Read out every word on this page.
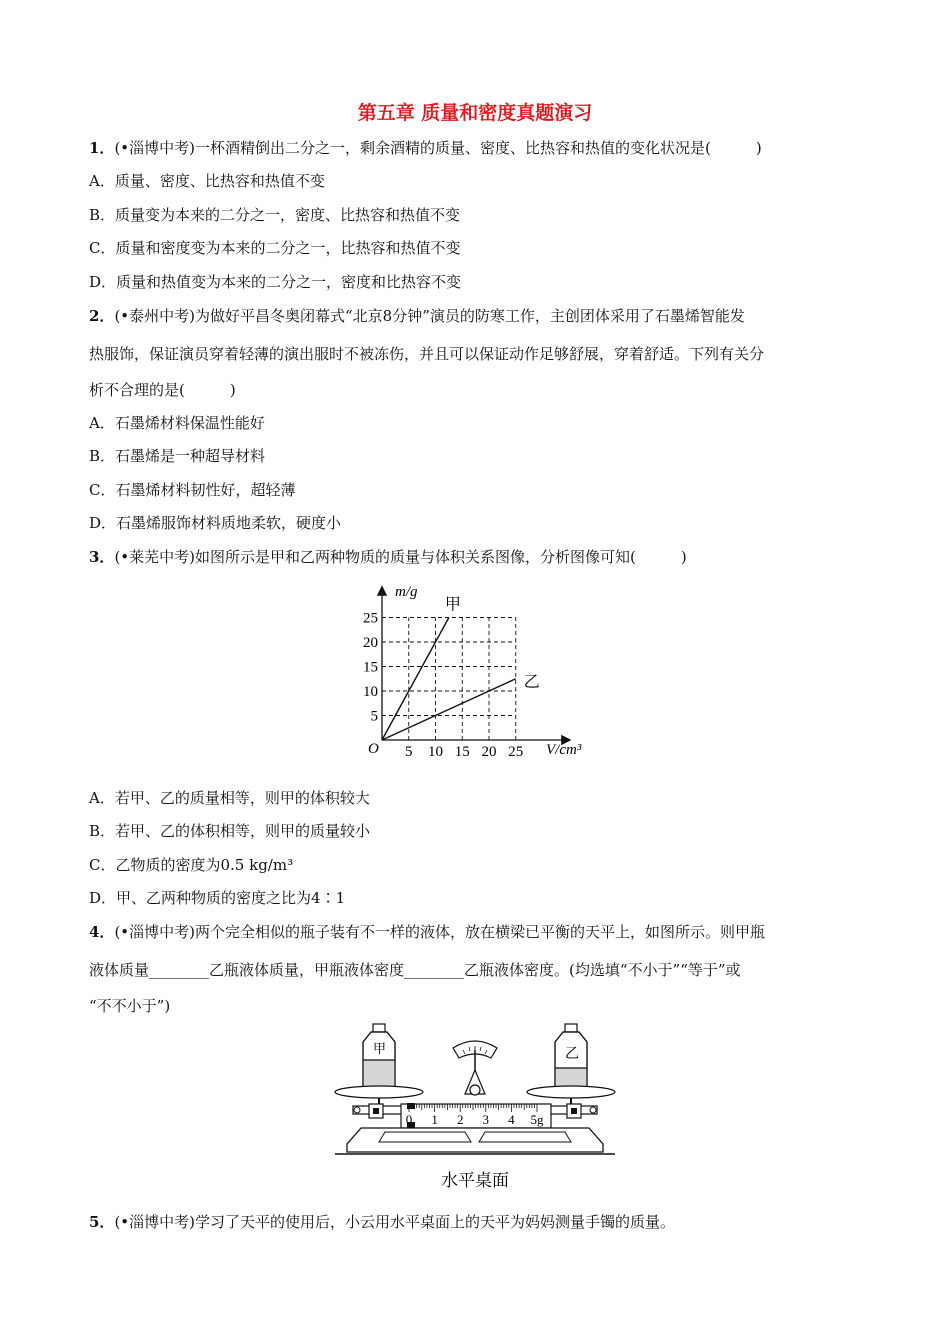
第五章 质量和密度真题演习
1．(•淄博中考)一杯酒精倒出二分之一，剩余酒精的质量、密度、比热容和热值的变化状况是(　　　)
A．质量、密度、比热容和热值不变
B．质量变为本来的二分之一，密度、比热容和热值不变
C．质量和密度变为本来的二分之一，比热容和热值不变
D．质量和热值变为本来的二分之一，密度和比热容不变
2．(•泰州中考)为做好平昌冬奥闭幕式“北京8分钟”演员的防寒工作，主创团体采用了石墨烯智能发
热服饰，保证演员穿着轻薄的演出服时不被冻伤，并且可以保证动作足够舒展，穿着舒适。下列有关分
析不合理的是(　　　)
A．石墨烯材料保温性能好
B．石墨烯是一种超导材料
C．石墨烯材料韧性好，超轻薄
D．石墨烯服饰材料质地柔软，硬度小
3．(•莱芜中考)如图所示是甲和乙两种物质的质量与体积关系图像，分析图像可知(　　　)
5 10 15 20 25
5
10
15
20
25
甲
乙
O
m/g
V/cm³
A．若甲、乙的质量相等，则甲的体积较大
B．若甲、乙的体积相等，则甲的质量较小
C．乙物质的密度为0.5 kg/m³
D．甲、乙两种物质的密度之比为4∶1
4．(•淄博中考)两个完全相似的瓶子装有不一样的液体，放在横梁已平衡的天平上，如图所示。则甲瓶
液体质量________乙瓶液体质量，甲瓶液体密度________乙瓶液体密度。(均选填“不小于”“等于”或
“不不小于”)
甲	乙
0 1 2 3 4 5g
水平桌面
5．(•淄博中考)学习了天平的使用后，小云用水平桌面上的天平为妈妈测量手镯的质量。
